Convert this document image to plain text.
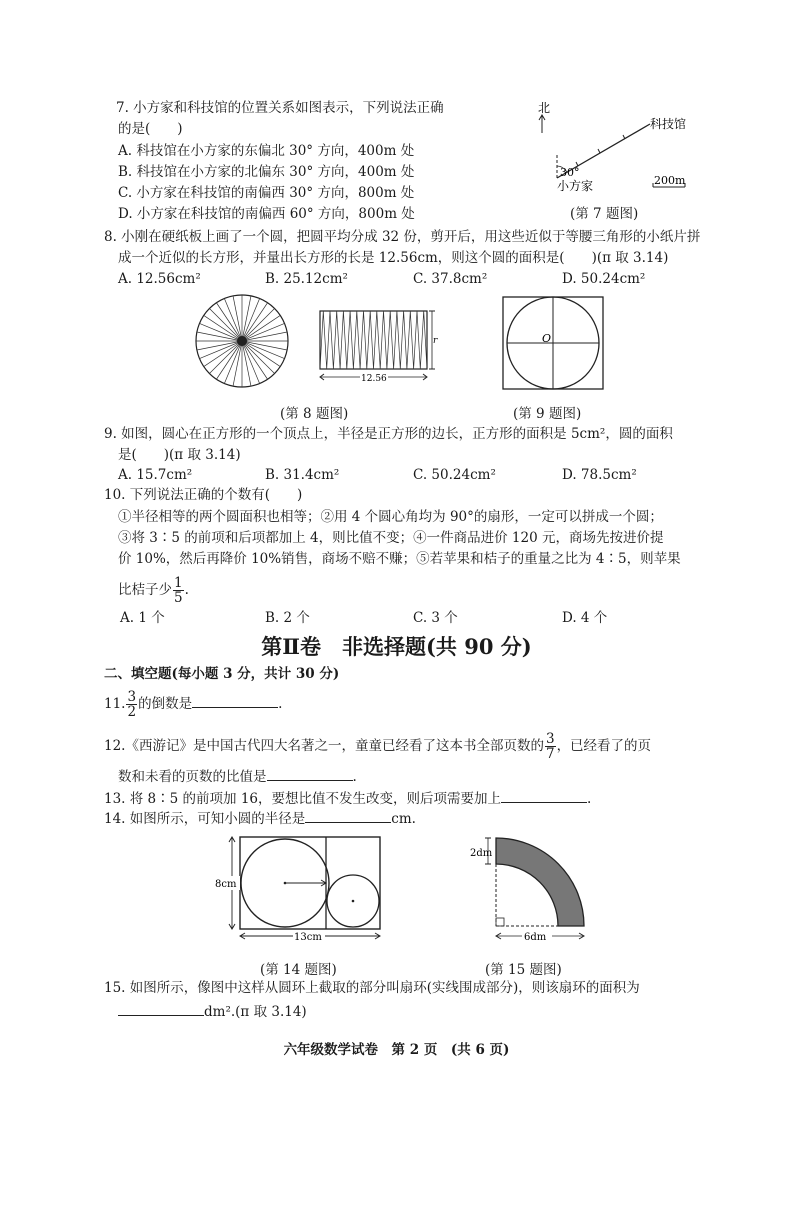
7. 小方家和科技馆的位置关系如图表示，下列说法正确
的是(　　)
A. 科技馆在小方家的东偏北 30° 方向，400m 处
B. 科技馆在小方家的北偏东 30° 方向，400m 处
C. 小方家在科技馆的南偏西 30° 方向，800m 处
D. 小方家在科技馆的南偏西 60° 方向，800m 处
北
30°
科技馆
小方家	200m
(第 7 题图)
8. 小刚在硬纸板上画了一个圆，把圆平均分成 32 份，剪开后，用这些近似于等腰三角形的小纸片拼
成一个近似的长方形，并量出长方形的长是 12.56cm，则这个圆的面积是(　　)(π 取 3.14)
A. 12.56cm²	B. 25.12cm²	C. 37.8cm²	D. 50.24cm²
r
12.56
(第 8 题图)
O
(第 9 题图)
9. 如图，圆心在正方形的一个顶点上，半径是正方形的边长，正方形的面积是 5cm²，圆的面积
是(　　)(π 取 3.14)
A. 15.7cm²	B. 31.4cm²	C. 50.24cm²	D. 78.5cm²
10. 下列说法正确的个数有(　　)
①半径相等的两个圆面积也相等；②用 4 个圆心角均为 90°的扇形，一定可以拼成一个圆；
③将 3∶5 的前项和后项都加上 4，则比值不变；④一件商品进价 120 元，商场先按进价提
价 10%，然后再降价 10%销售，商场不赔不赚；⑤若苹果和桔子的重量之比为 4∶5，则苹果
比桔子少 $\frac{1}{5}$ .
A. 1 个	B. 2 个	C. 3 个	D. 4 个
第Ⅱ卷　非选择题(共 90 分)
二、填空题(每小题 3 分，共计 30 分)
11. $\frac{3}{2}$ 的倒数是	.
12.《西游记》是中国古代四大名著之一，童童已经看了这本书全部页数的 $\frac{3}{7}$ ，已经看了的页
数和未看的页数的比值是	.
13. 将 8∶5 的前项加 16，要想比值不发生改变，则后项需要加上	.
14. 如图所示，可知小圆的半径是	cm.
8cm
13cm
(第 14 题图)
2dm
6dm
(第 15 题图)
15. 如图所示，像图中这样从圆环上截取的部分叫扇环(实线围成部分)，则该扇环的面积为
dm².(π 取 3.14)
六年级数学试卷　第 2 页　(共 6 页)
